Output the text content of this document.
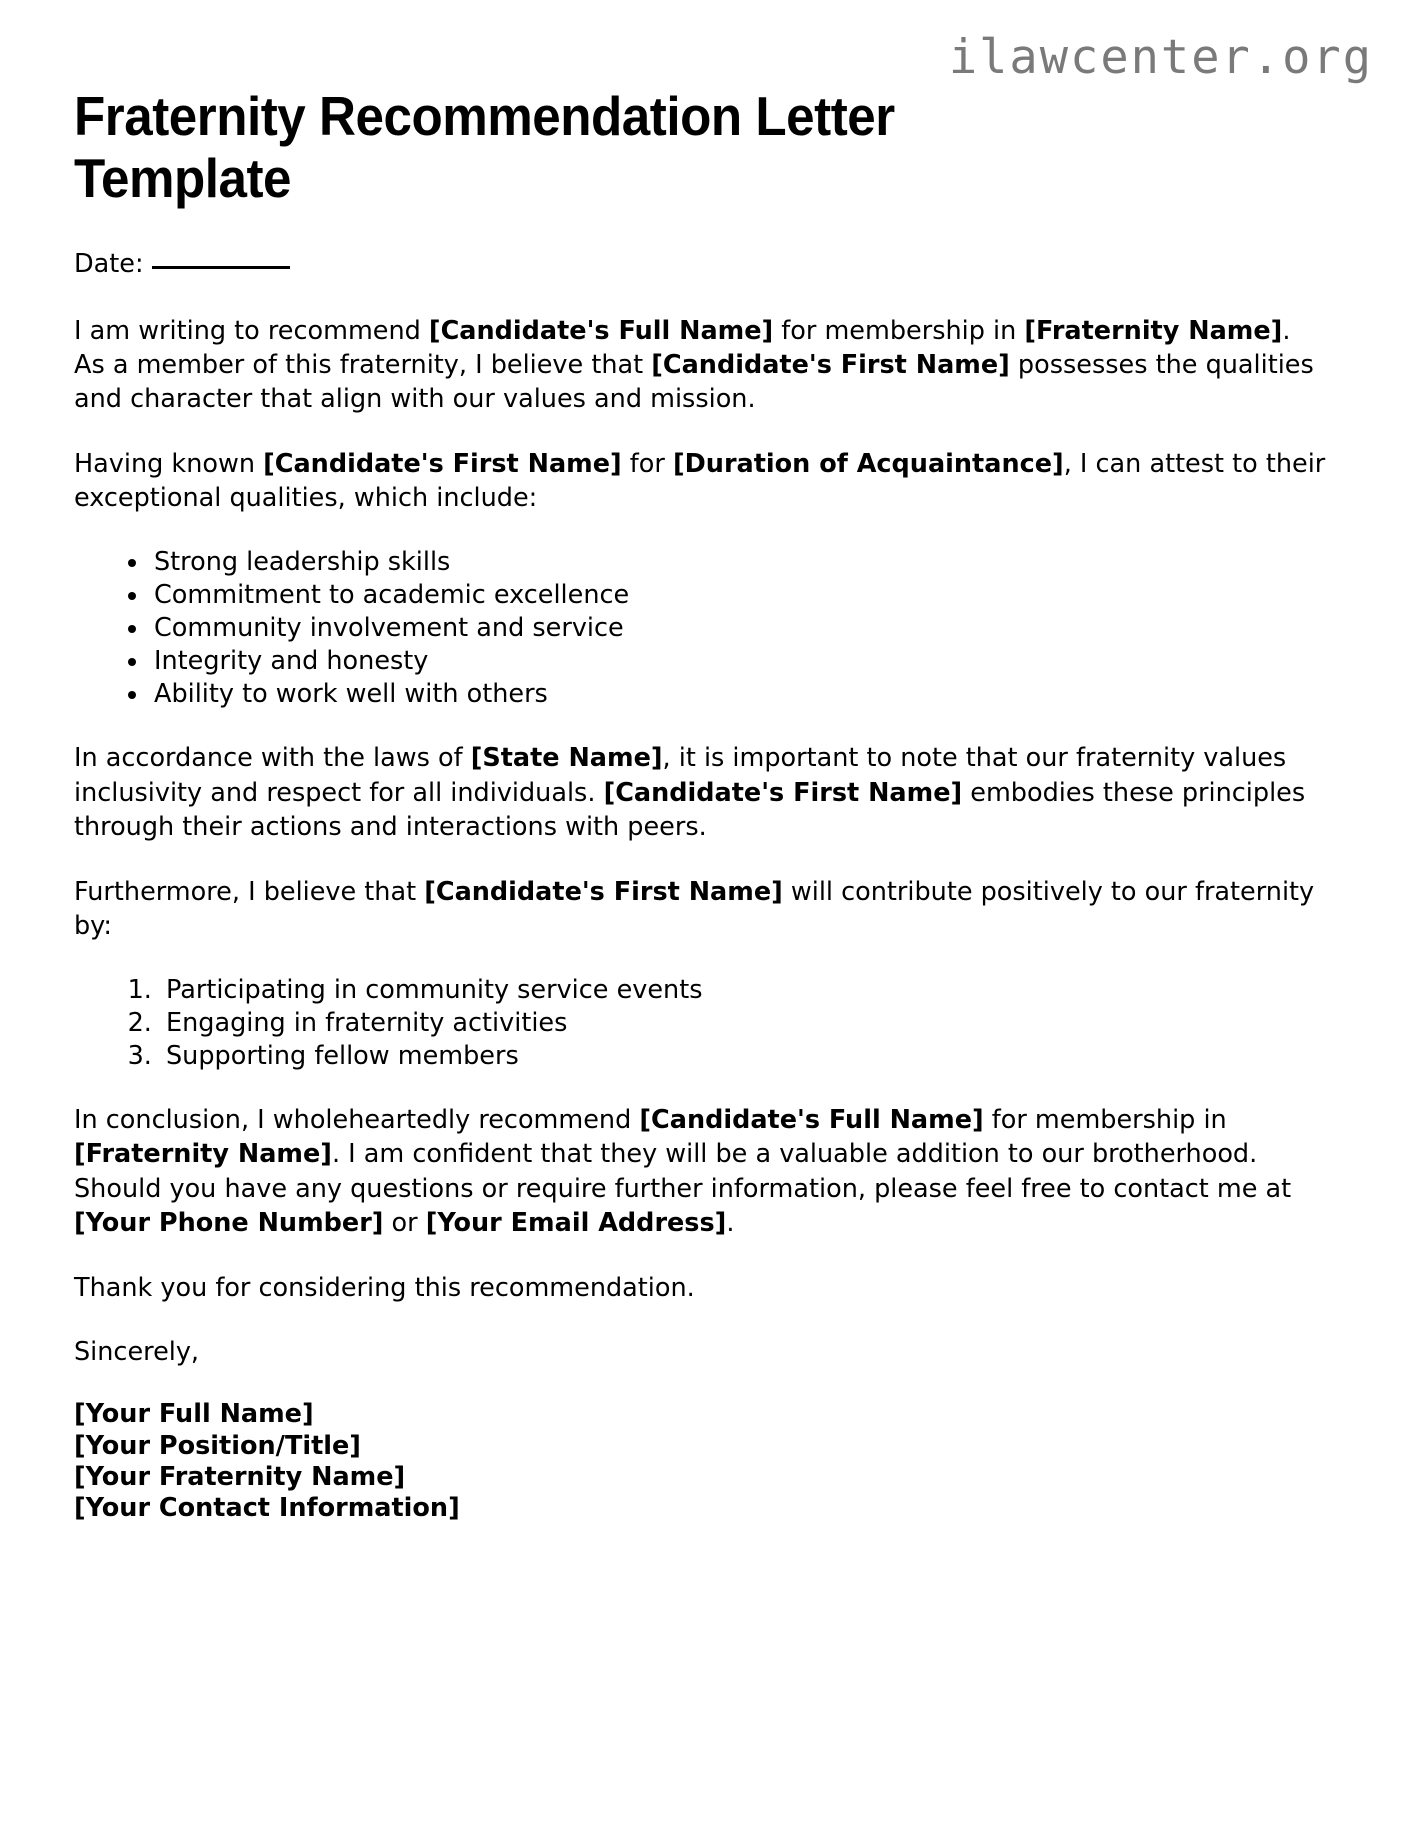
ilawcenter.org
Fraternity Recommendation Letter Template
Date:

I am writing to recommend [Candidate's Full Name] for membership in [Fraternity Name]. As a member of this fraternity, I believe that [Candidate's First Name] possesses the qualities and character that align with our values and mission.

Having known [Candidate's First Name] for [Duration of Acquaintance], I can attest to their exceptional qualities, which include:

• Strong leadership skills
• Commitment to academic excellence
• Community involvement and service
• Integrity and honesty
• Ability to work well with others

In accordance with the laws of [State Name], it is important to note that our fraternity values inclusivity and respect for all individuals. [Candidate's First Name] embodies these principles through their actions and interactions with peers.

Furthermore, I believe that [Candidate's First Name] will contribute positively to our fraternity by:

1. Participating in community service events
2. Engaging in fraternity activities
3. Supporting fellow members

In conclusion, I wholeheartedly recommend [Candidate's Full Name] for membership in [Fraternity Name]. I am confident that they will be a valuable addition to our brotherhood. Should you have any questions or require further information, please feel free to contact me at [Your Phone Number] or [Your Email Address].

Thank you for considering this recommendation.

Sincerely,

[Your Full Name]
[Your Position/Title]
[Your Fraternity Name]
[Your Contact Information]
